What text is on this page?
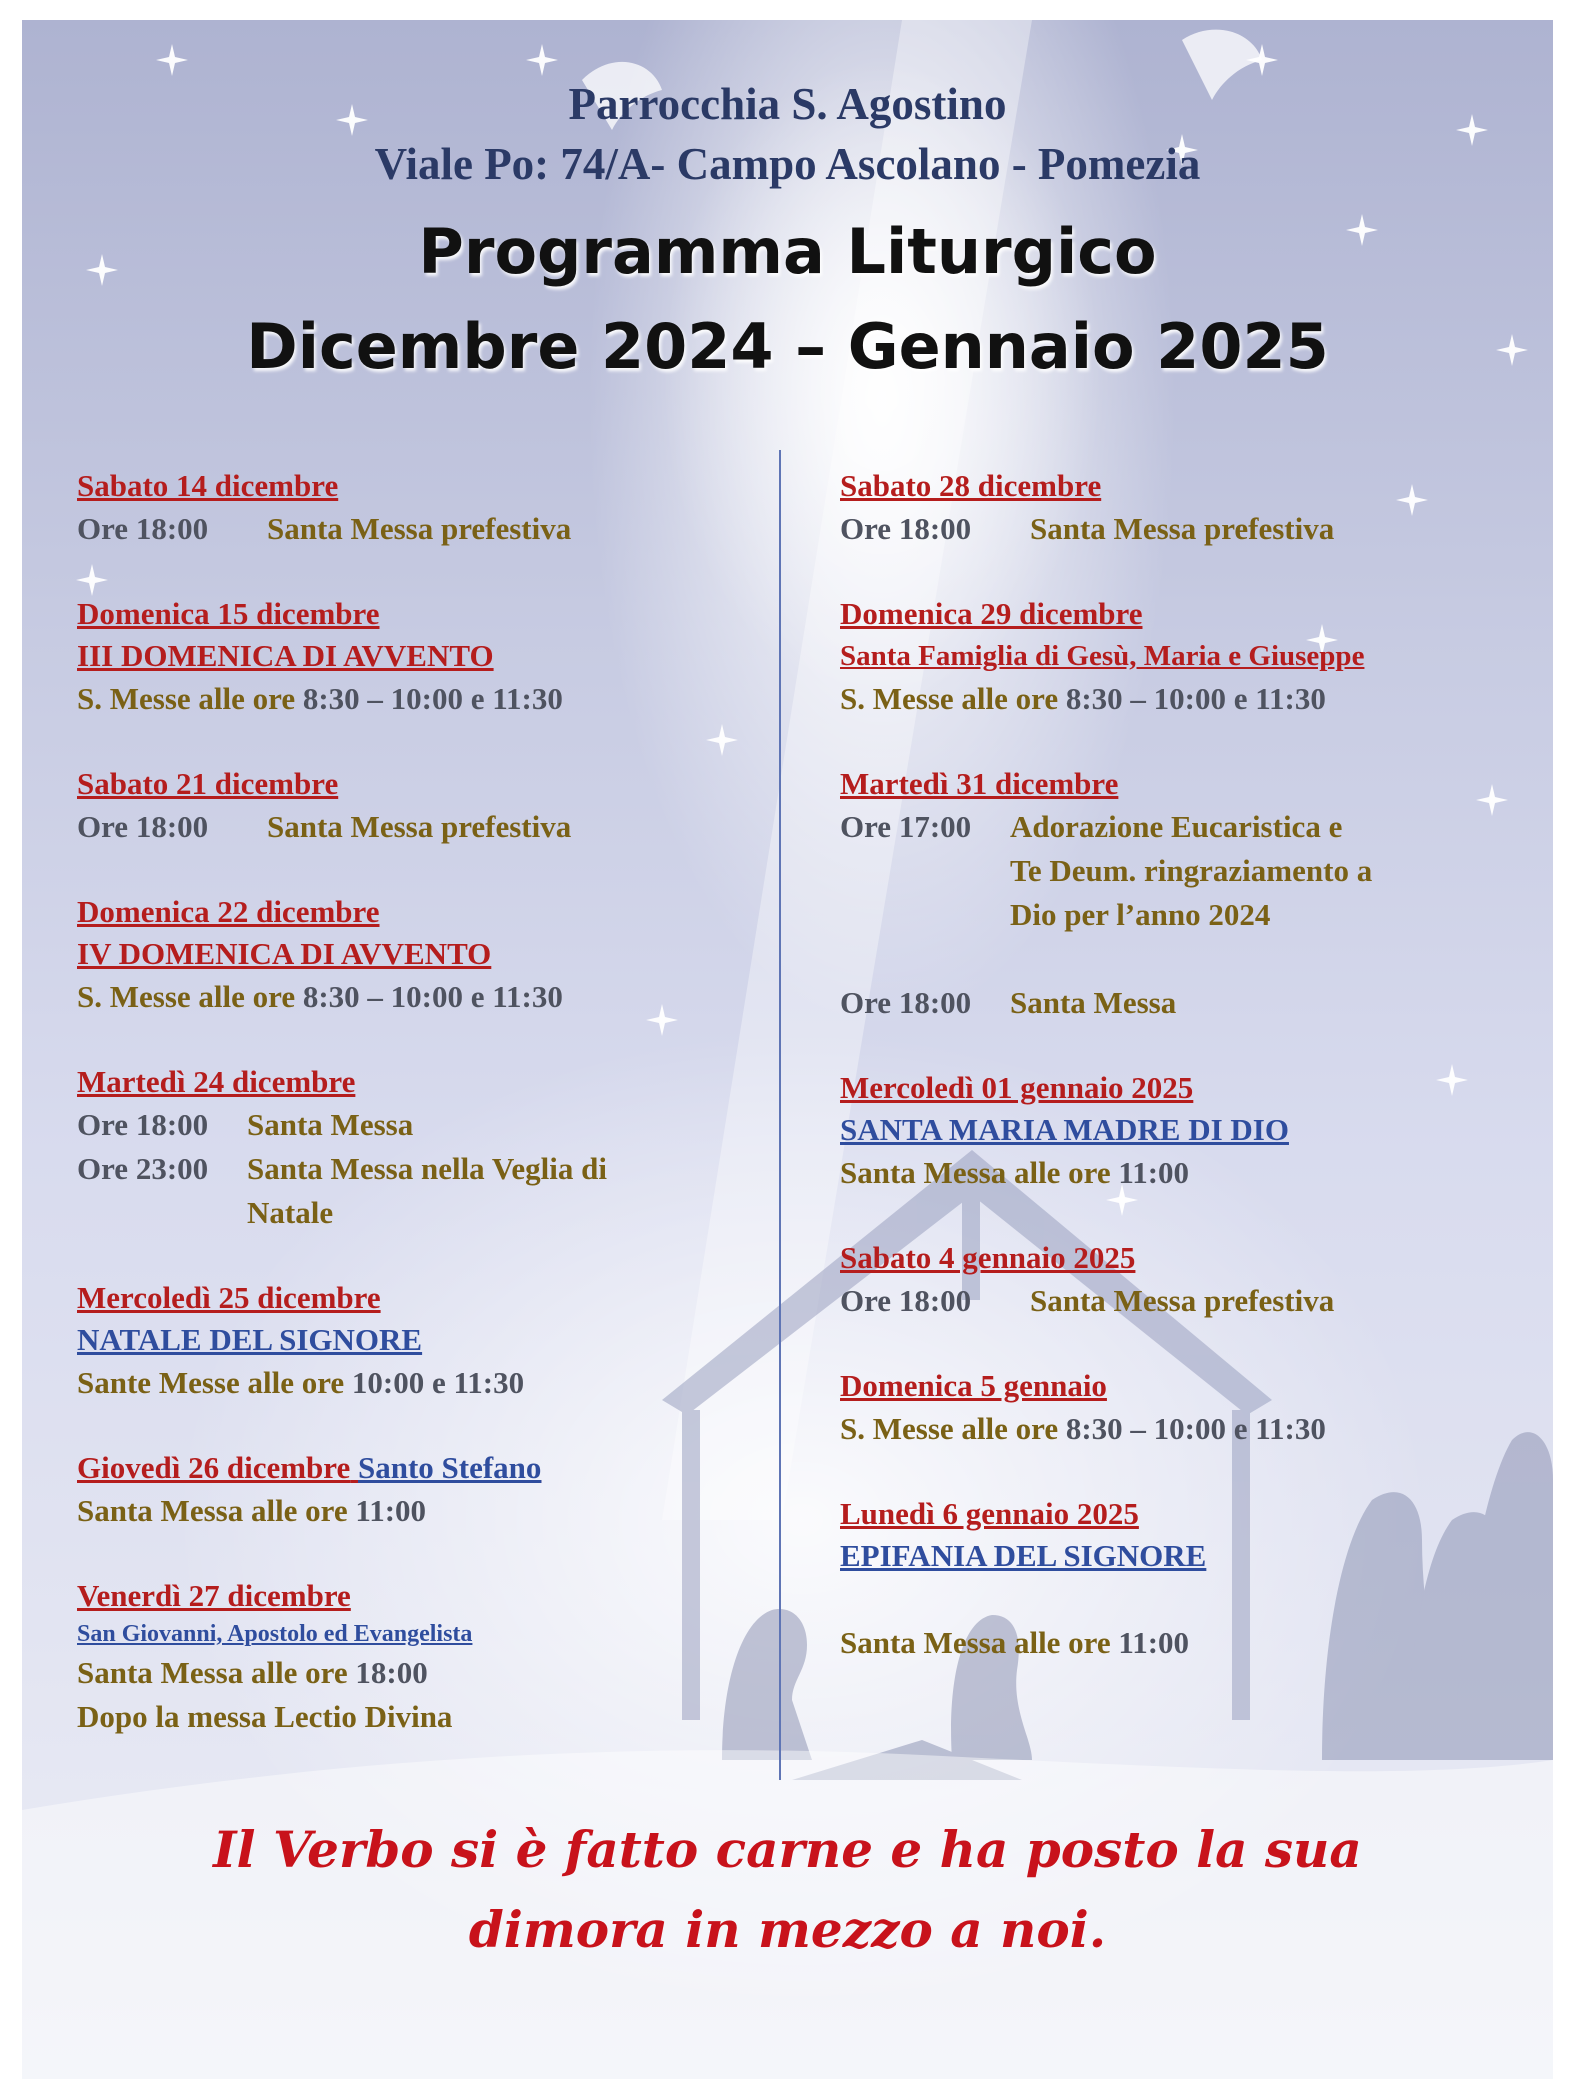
Parrocchia S. Agostino
Viale Po: 74/A- Campo Ascolano - Pomezia
Programma Liturgico
Dicembre 2024 – Gennaio 2025
Sabato 14 dicembre
Ore 18:00 Santa Messa prefestiva
Domenica 15 dicembre
III DOMENICA DI AVVENTO
S. Messe alle ore 8:30 – 10:00 e 11:30
Sabato 21 dicembre
Ore 18:00 Santa Messa prefestiva
Domenica 22 dicembre
IV DOMENICA DI AVVENTO
S. Messe alle ore 8:30 – 10:00 e 11:30
Martedì 24 dicembre
Ore 18:00 Santa Messa
Ore 23:00 Santa Messa nella Veglia di
Natale
Mercoledì 25 dicembre
NATALE DEL SIGNORE
Sante Messe alle ore 10:00 e 11:30
Giovedì 26 dicembre Santo Stefano
Santa Messa alle ore 11:00
Venerdì 27 dicembre
San Giovanni, Apostolo ed Evangelista
Santa Messa alle ore 18:00
Dopo la messa Lectio Divina
Sabato 28 dicembre
Ore 18:00 Santa Messa prefestiva
Domenica 29 dicembre
Santa Famiglia di Gesù, Maria e Giuseppe
S. Messe alle ore 8:30 – 10:00 e 11:30
Martedì 31 dicembre
Ore 17:00 Adorazione Eucaristica e
Te Deum. ringraziamento a
Dio per l’anno 2024
Ore 18:00 Santa Messa
Mercoledì 01 gennaio 2025
SANTA MARIA MADRE DI DIO
Santa Messa alle ore 11:00
Sabato 4 gennaio 2025
Ore 18:00 Santa Messa prefestiva
Domenica 5 gennaio
S. Messe alle ore 8:30 – 10:00 e 11:30
Lunedì 6 gennaio 2025
EPIFANIA DEL SIGNORE
Santa Messa alle ore 11:00
Il Verbo si è fatto carne e ha posto la sua
dimora in mezzo a noi.
